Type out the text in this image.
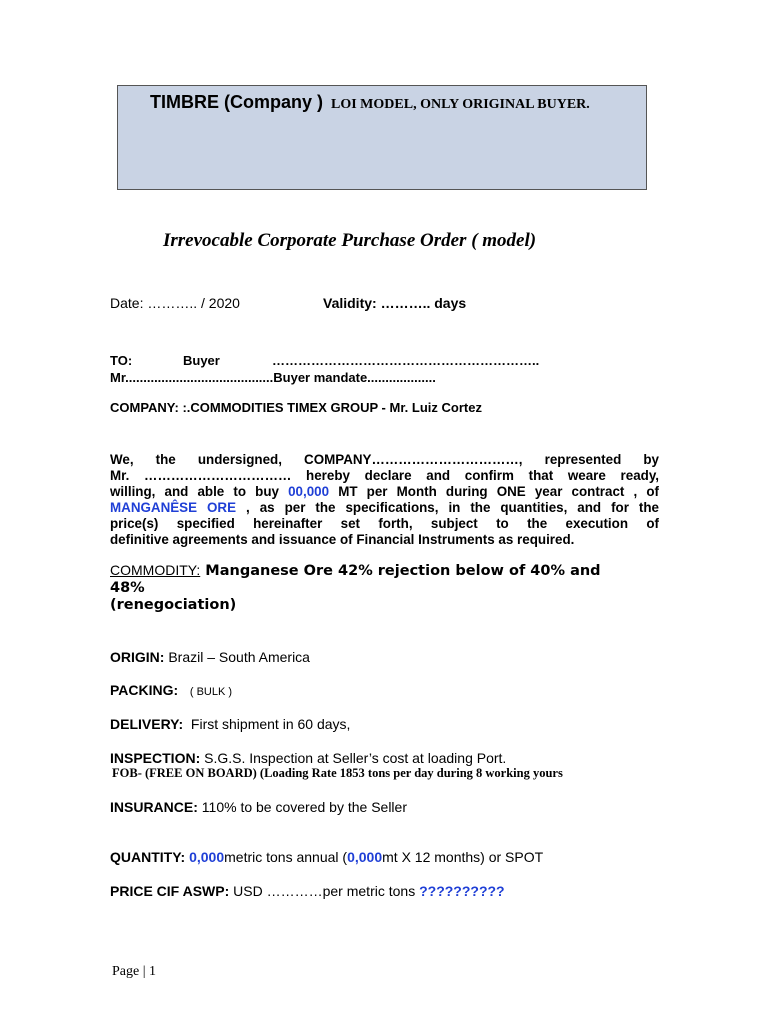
TIMBRE (Company ) LOI MODEL, ONLY ORIGINAL BUYER.
Irrevocable Corporate Purchase Order ( model)
Date: ……….. / 2020	Validity: ……….. days
TO:	Buyer	……………………………………………………..
Mr.........................................Buyer mandate...................
COMPANY: :.COMMODITIES TIMEX GROUP - Mr. Luiz Cortez
We, the undersigned, COMPANY……………………………, represented by
Mr. …………………………… hereby declare and confirm that weare ready,
willing, and able to buy 00,000 MT per Month during ONE year contract , of
MANGANÊSE ORE , as per the specifications, in the quantities, and for the
price(s) specified hereinafter set forth, subject to the execution of
definitive agreements and issuance of Financial Instruments as required.
COMMODITY: Manganese Ore 42% rejection below of 40% and
48%
(renegociation)
ORIGIN: Brazil – South America
PACKING: ( BULK )
DELIVERY: First shipment in 60 days,
INSPECTION: S.G.S. Inspection at Seller’s cost at loading Port.
FOB- (FREE ON BOARD) (Loading Rate 1853 tons per day during 8 working yours
INSURANCE: 110% to be covered by the Seller
QUANTITY: 0,000metric tons annual (0,000mt X 12 months) or SPOT
PRICE CIF ASWP: USD …………per metric tons ??????????
Page | 1
